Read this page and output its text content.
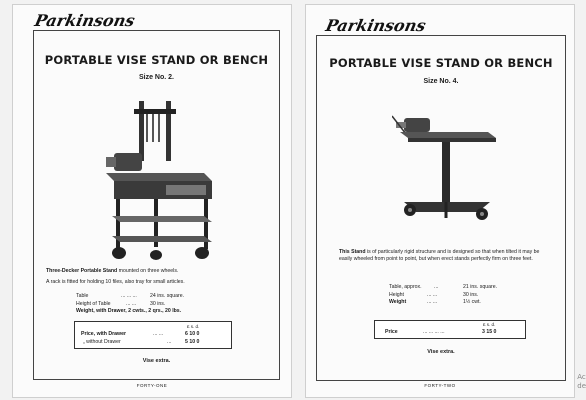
Parkinsons
PORTABLE VISE STAND OR BENCH
Size No. 2.
Three-Decker Portable Stand mounted on three wheels.
A rack is fitted for holding 10 files, also tray for small articles.
Table	... ... ...	24 ins. square.
Height of Table	... ...	30 ins.
Weight, with Drawer, 2 cwts., 2 qrs., 20 lbs.
£ s. d.
Price, with Drawer	... ...	6 10 0
„ without Drawer	...	5 10 0
Vise extra.
FORTY-ONE
Parkinsons
PORTABLE VISE STAND OR BENCH
Size No. 4.
This Stand is of particularly rigid structure and is designed so that when tilted it may be easily wheeled from point to point, but when erect stands perfectly firm on three feet.
Table, approx. ...	21 ins. square.
Height	... ...	30 ins.
Weight	... ...	1½ cwt.
£ s. d.
Price	... ... ... ...	3 15 0
Vise extra.
FORTY-TWO
Ac
de
